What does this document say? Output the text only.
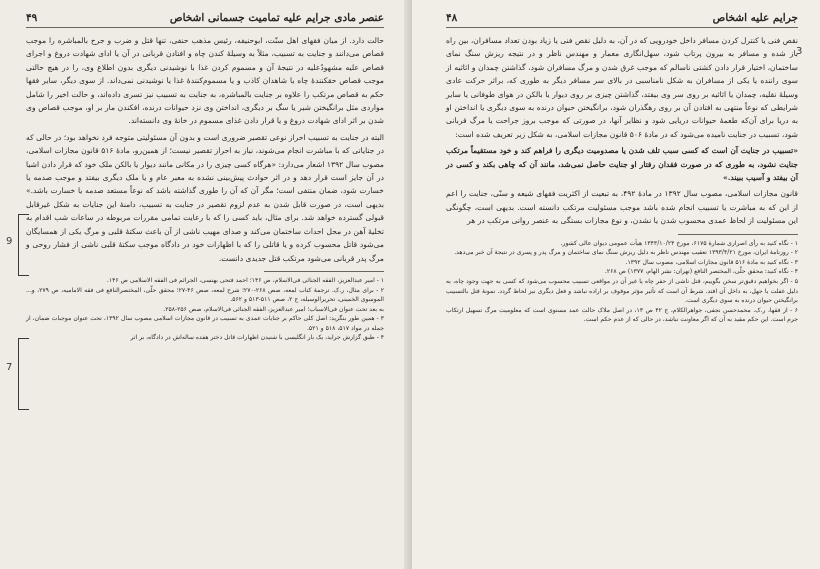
عنصر مادی جرایم علیه تمامیت جسمانی اشخاص
۴۹

حالت دارد. از میان فقهای اهل سنّت، ابوحنیفه، رئیس مذهب حنفی، تنها قتل و ضرب و جرح بالمباشره را موجب قصاص می‌دانند و جنایت به تسبیب، مثلاً به وسیلهٔ کندن چاه و افتادن قربانی در آن یا ادای شهادت دروغ و اجرای قصاص علیه مشهودٌعلیه در نتیجهٔ آن و مسموم کردن غذا با نوشیدنی دیگری بدون اطلاع وی، را در هیچ حالتی موجب قصاص حقکنندهٔ چاه یا شاهدان کاذب و یا مسموم‌کنندهٔ غذا یا نوشیدنی نمی‌داند. از سوی دیگر، سایر فقها حکم به قصاص مرتکب را علاوه بر جنایت بالمباشره، به جنایت به تسبیب نیز تسری داده‌اند، و حالت اخیر را شامل مواردی مثل برانگیختن شیر یا سگ بر دیگری، انداختن وی نزد حیوانات درنده، افکندن مار بر او، موجب قصاص وی شدن بر اثر ادای شهادت دروغ و یا قرار دادن غذای مسموم در خانهٔ وی دانسته‌اند.

البته در جنایت به تسبیب احراز نوعی تقصیر ضروری است و بدون آن مسئولیتی متوجه فرد نخواهد بود؛ در حالی که در جنایاتی که با مباشرت انجام می‌شوند، نیاز به احراز تقصیر نیست؛ از همین‌رو، مادهٔ ۵۱۶ قانون مجازات اسلامی، مصوب سال ۱۳۹۲ اشعار می‌دارد: «هرگاه کسی چیزی را در مکانی مانند دیوار یا بالکن ملک خود که قرار دادن اشیا در آن جایز است قرار دهد و در اثر حوادث پیش‌بینی نشده به معبر عام و یا ملک دیگری بیفتد و موجب صدمه یا خسارت شود، ضمان منتفی است؛ مگر آن که آن را طوری گذاشته باشد که نوعاً مستعد صدمه یا خسارت باشد.» بدیهی است، در صورت قابل شدن به عدم لزوم تقصیر در جنایت به تسبیب، دامنهٔ این جنایات به شکل غیرقابل قبولی گسترده خواهد شد. برای مثال، باید کسی را که با رعایت تمامی مقررات مربوطه در ساعات شب اقدام به تخلیهٔ آهن در محل احداث ساختمان می‌کند و صدای مهیب ناشی از آن باعث سکتهٔ قلبی و مرگ یکی از همسایگان می‌شود قاتل محسوب کرده و یا قاتلی را که با اظهارات خود در دادگاه موجب سکتهٔ قلبی ناشی از فشار روحی و مرگ پدر قربانی می‌شود مرتکب قتل جدیدی دانست.

۱ - امیر عبدالعزیز، الفقه الجنائی فی‌الاسلام، ص ۱۴۶؛ احمد فتحی بهنسی، الجرائم فی الفقه الاسلامی ص ۱۴۶.

۲ - برای مثال، ر.ک. ترجمهٔ کتاب لمعه، صص ۲۶۸-۲۷۰؛ شرح لمعه، صص ۴۶-۲۷؛ محقق حلّی، المختصرالنافع فی فقه الامامیه، ص ۲۷۹، و... الموسوی الخمینی، تحریرالوسیله، ج ۲، صص ۵۱۱-۵۱۳ و ۵۶۲.

به بعد تحت عنوان فی‌الاسباب؛ امیر عبدالعزیز، الفقه الجنائی فی‌الاسلام، صص ۲۵۶-۲۵۸.

۳ - همین طور بنگرید: اصل کلی حاکم بر جنایات عمدی به تسبیب در قانون مجازات اسلامی مصوب سال ۱۳۹۲، تحت عنوان موجبات ضمان، از جمله در مواد ۵۱۷، ۵۱۸ و ۵۲۱.

۴ - طبق گزارش جراید، یک بار انگلیسی با شنیدن اظهارات قاتل دختر هفده ساله‌اش در دادگاه، بر اثر

جرایم علیه اشخاص
۴۸

نقص فنی یا کنترل کردن مسافر داخل خودرویی که در آن، به دلیل نقص فنی یا زیاد بودن تعداد مسافران، بین راه باز شده و مسافر به بیرون پرتاب شود، سهل‌انگاری معمار و مهندس ناظر و در نتیجه ریزش سنگ نمای ساختمان، اختیار قرار دادن کشتی ناسالم که موجب غرق شدن و مرگ مسافران شود، گذاشتن چمدان و اثاثیه از سوی راننده یا یکی از مسافران به شکل نامناسبی در بالای سر مسافر دیگر به طوری که، براثر حرکت عادی وسیلهٔ نقلیه، چمدان یا اثاثیه بر روی سر وی بیفتد، گذاشتن چیزی بر روی دیوار یا بالکن در هوای طوفانی یا سایر شرایطی که نوعاً منتهی به افتادن آن بر روی رهگذران شود، برانگیختن حیوان درنده به سوی دیگری یا انداختن او به دریا برای آن‌که طعمهٔ حیوانات دریایی شود و نظایر آنها، در صورتی که موجب بروز جراحت یا مرگ قربانی شود، تسبیب در جنایت نامیده می‌شود که در مادهٔ ۵۰۶ قانون مجازات اسلامی، به شکل زیر تعریف شده است:

«تسبیب در جنایت آن است که کسی سبب تلف شدن یا مصدومیت دیگری را فراهم کند و خود مستقیماً مرتکب جنایت نشود، به طوری که در صورت فقدان رفتار او جنایت حاصل نمی‌شد، مانند آن که چاهی بکند و کسی در آن بیفتد و آسیب ببیند.»

قانون مجازات اسلامی، مصوب سال ۱۳۹۲ در مادهٔ ۴۹۲، به تبعیت از اکثریت فقهای شیعه و سنّی، جنایت را اعم از این که به مباشرت یا تسبیب انجام شده باشد موجب مسئولیت مرتکب دانسته است. بدیهی است، چگونگی این مسئولیت از لحاظ عمدی محسوب شدن یا نشدن، و نوع مجازات بستگی به عنصر روانی مرتکب در هر

۱ - نگاه کنید به رأی اصراری شمارهٔ ۶۱۷۵، مورخ ۱۳۴۳/۱۰/۲۴ هیأت عمومی دیوان عالی کشور.

۲ - روزنامهٔ ایران، مورخ ۱۳۹۳/۴/۲۱ تعقیب مهندس ناظر به دلیل ریزش سنگ نمای ساختمان و مرگ پدر و پسری در نتیجهٔ آن خبر می‌دهد.

۳ - نگاه کنید به مادهٔ ۵۱۶ قانون مجازات اسلامی، مصوب سال ۱۳۹۲.

۴ - نگاه کنید: محقق حلّی، المختصر النافع (تهران: نشر الهام، ۱۳۷۷) ص ۲۶۸.

۵ - اگر بخواهیم دقیق‌تر سخن بگوییم، قتل ناشی از حفر چاه یا غیر آن در مواقعی تسبیب محسوب می‌شود که کسی به جهت وجود چاه، به دلیل غفلت یا جهل، به داخل آن افتد. شرط آن است که تأثیر مؤثر موقوف بر اراده نباشد و فعل دیگری نیز لحاظ گردد. نمونهٔ قتل بالتسبیب برانگیختن حیوان درنده به سوی دیگری است.

۶ - از فقها، ر.ک. محمدحسن نجفی، جواهرالکلام، ج ۴۲ ص ۱۳، در اصل ملاک حالت عمد مستوی است که معلومیت مرگ تسهیل ارتکاب جرم است. این حکم مقید به آن که اگر معاونت نباشد، در حالی که از عدم حکم است.

9
7
3
